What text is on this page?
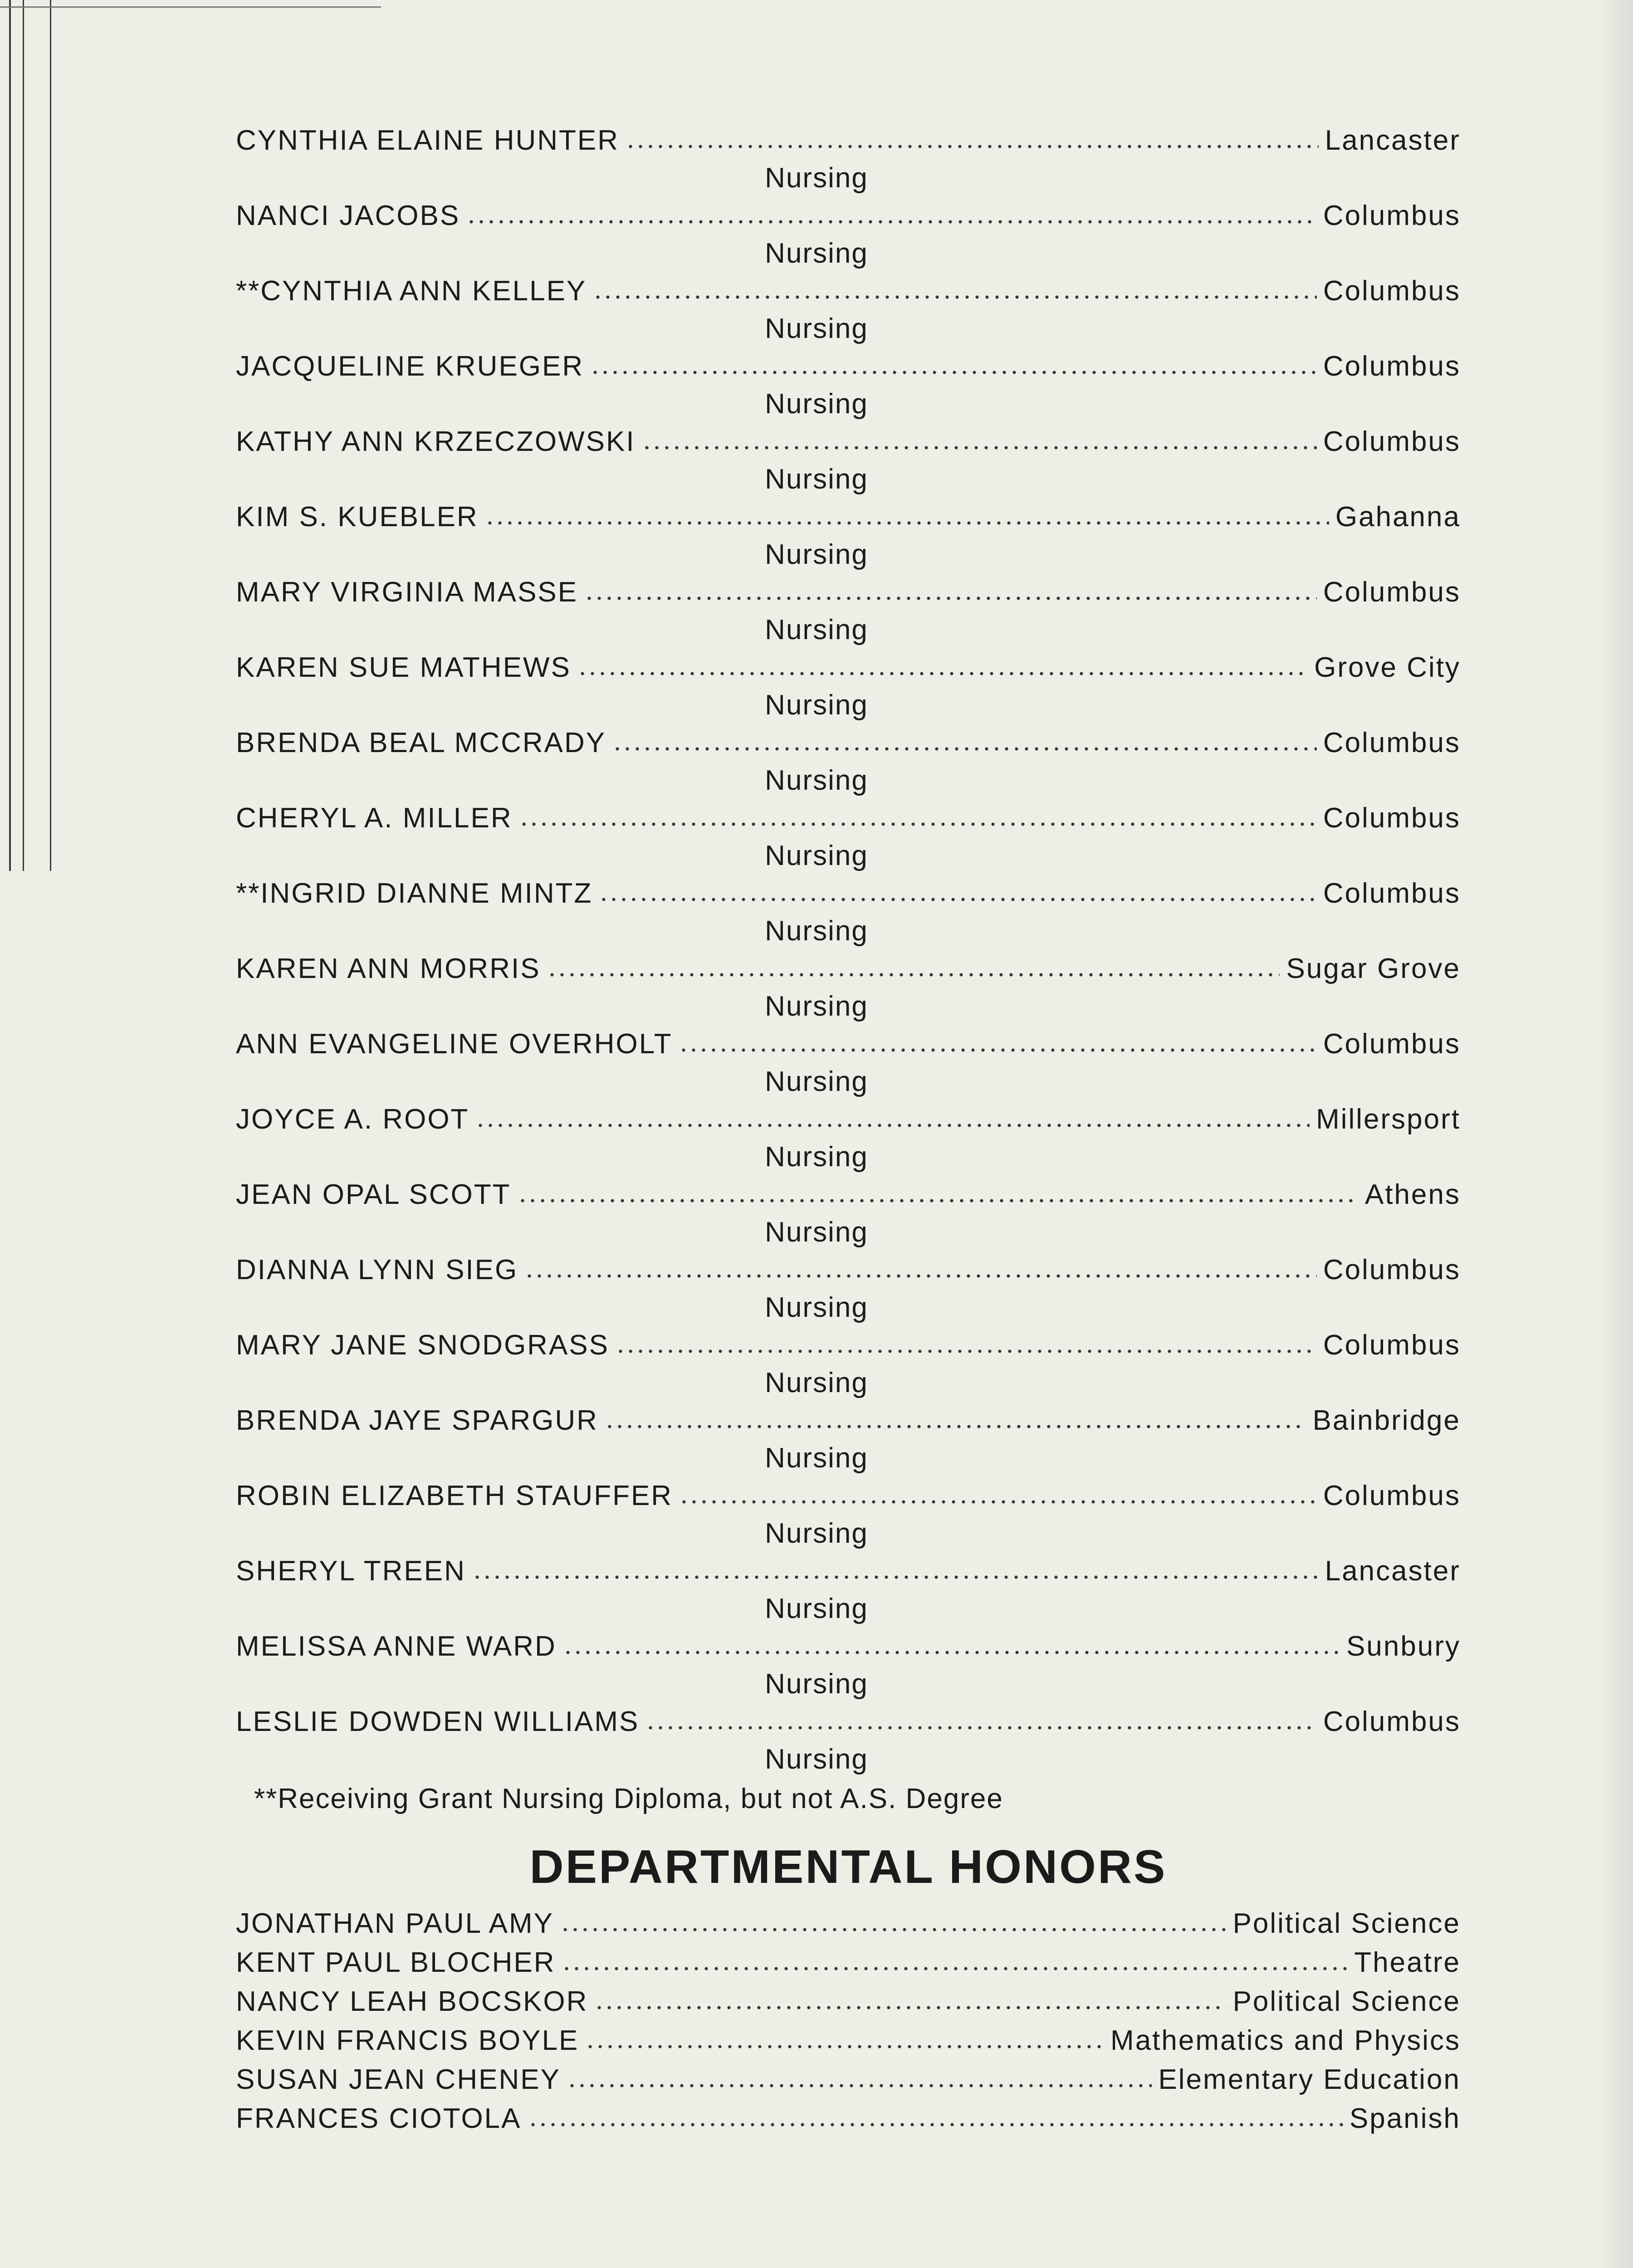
CYNTHIA ELAINE HUNTER	Lancaster
Nursing
NANCI JACOBS	Columbus
Nursing
**CYNTHIA ANN KELLEY	Columbus
Nursing
JACQUELINE KRUEGER	Columbus
Nursing
KATHY ANN KRZECZOWSKI	Columbus
Nursing
KIM S. KUEBLER	Gahanna
Nursing
MARY VIRGINIA MASSE	Columbus
Nursing
KAREN SUE MATHEWS	Grove City
Nursing
BRENDA BEAL MCCRADY	Columbus
Nursing
CHERYL A. MILLER	Columbus
Nursing
**INGRID DIANNE MINTZ	Columbus
Nursing
KAREN ANN MORRIS	Sugar Grove
Nursing
ANN EVANGELINE OVERHOLT	Columbus
Nursing
JOYCE A. ROOT	Millersport
Nursing
JEAN OPAL SCOTT	Athens
Nursing
DIANNA LYNN SIEG	Columbus
Nursing
MARY JANE SNODGRASS	Columbus
Nursing
BRENDA JAYE SPARGUR	Bainbridge
Nursing
ROBIN ELIZABETH STAUFFER	Columbus
Nursing
SHERYL TREEN	Lancaster
Nursing
MELISSA ANNE WARD	Sunbury
Nursing
LESLIE DOWDEN WILLIAMS	Columbus
Nursing
**Receiving Grant Nursing Diploma, but not A.S. Degree
DEPARTMENTAL HONORS
JONATHAN PAUL AMY	Political Science
KENT PAUL BLOCHER	Theatre
NANCY LEAH BOCSKOR	Political Science
KEVIN FRANCIS BOYLE	Mathematics and Physics
SUSAN JEAN CHENEY	Elementary Education
FRANCES CIOTOLA	Spanish
